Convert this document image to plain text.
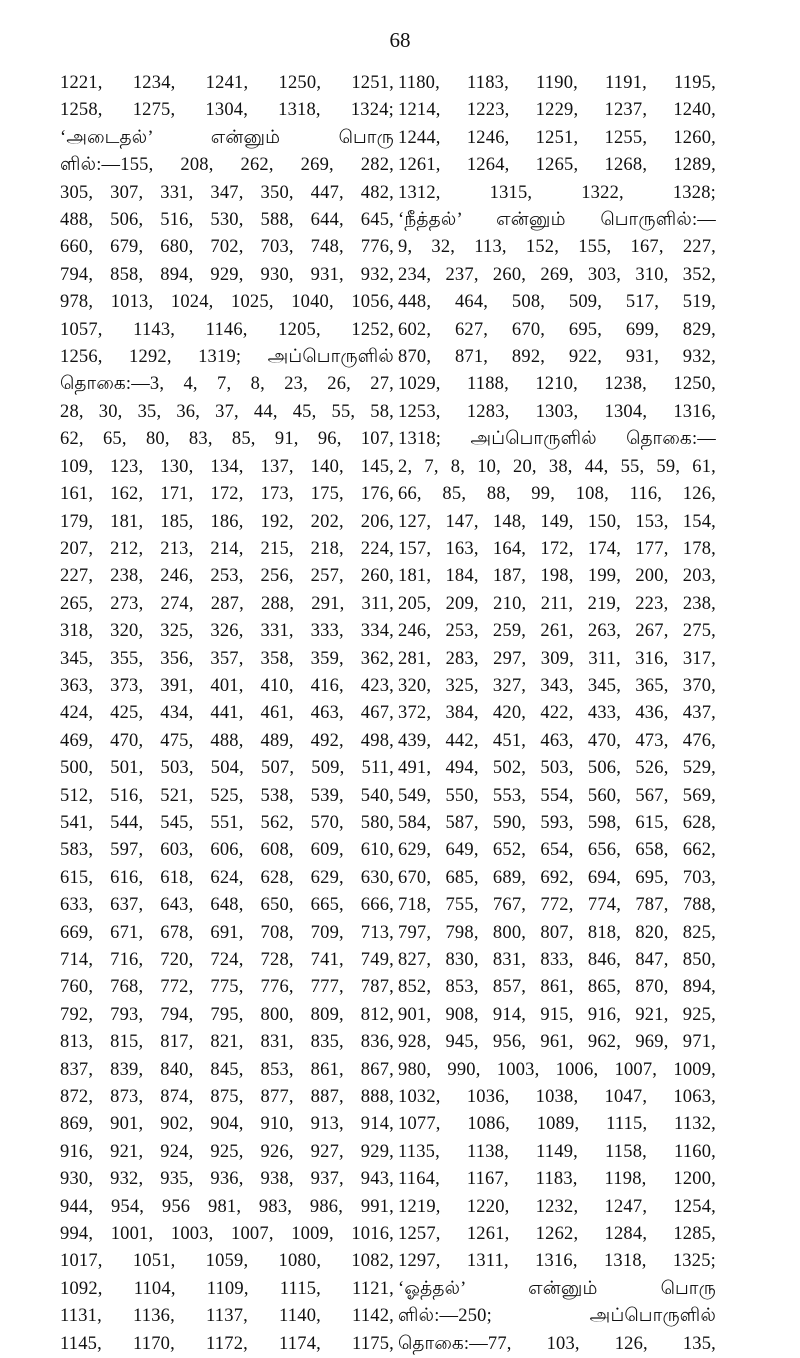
68
1221, 1234, 1241, 1250, 1251,
1258, 1275, 1304, 1318, 1324;
‘அடைதல்’ என்னும் பொரு
ளில்:—155, 208, 262, 269, 282,
305, 307, 331, 347, 350, 447, 482,
488, 506, 516, 530, 588, 644, 645,
660, 679, 680, 702, 703, 748, 776,
794, 858, 894, 929, 930, 931, 932,
978, 1013, 1024, 1025, 1040, 1056,
1057, 1143, 1146, 1205, 1252,
1256, 1292, 1319; அப்பொருளில்
தொகை:—3, 4, 7, 8, 23, 26, 27,
28, 30, 35, 36, 37, 44, 45, 55, 58,
62, 65, 80, 83, 85, 91, 96, 107,
109, 123, 130, 134, 137, 140, 145,
161, 162, 171, 172, 173, 175, 176,
179, 181, 185, 186, 192, 202, 206,
207, 212, 213, 214, 215, 218, 224,
227, 238, 246, 253, 256, 257, 260,
265, 273, 274, 287, 288, 291, 311,
318, 320, 325, 326, 331, 333, 334,
345, 355, 356, 357, 358, 359, 362,
363, 373, 391, 401, 410, 416, 423,
424, 425, 434, 441, 461, 463, 467,
469, 470, 475, 488, 489, 492, 498,
500, 501, 503, 504, 507, 509, 511,
512, 516, 521, 525, 538, 539, 540,
541, 544, 545, 551, 562, 570, 580,
583, 597, 603, 606, 608, 609, 610,
615, 616, 618, 624, 628, 629, 630,
633, 637, 643, 648, 650, 665, 666,
669, 671, 678, 691, 708, 709, 713,
714, 716, 720, 724, 728, 741, 749,
760, 768, 772, 775, 776, 777, 787,
792, 793, 794, 795, 800, 809, 812,
813, 815, 817, 821, 831, 835, 836,
837, 839, 840, 845, 853, 861, 867,
872, 873, 874, 875, 877, 887, 888,
869, 901, 902, 904, 910, 913, 914,
916, 921, 924, 925, 926, 927, 929,
930, 932, 935, 936, 938, 937, 943,
944, 954, 956 981, 983, 986, 991,
994, 1001, 1003, 1007, 1009, 1016,
1017, 1051, 1059, 1080, 1082,
1092, 1104, 1109, 1115, 1121,
1131, 1136, 1137, 1140, 1142,
1145, 1170, 1172, 1174, 1175,
1180, 1183, 1190, 1191, 1195,
1214, 1223, 1229, 1237, 1240,
1244, 1246, 1251, 1255, 1260,
1261, 1264, 1265, 1268, 1289,
1312, 1315, 1322, 1328;
‘நீத்தல்’ என்னும் பொருளில்:—
9, 32, 113, 152, 155, 167, 227,
234, 237, 260, 269, 303, 310, 352,
448, 464, 508, 509, 517, 519,
602, 627, 670, 695, 699, 829,
870, 871, 892, 922, 931, 932,
1029, 1188, 1210, 1238, 1250,
1253, 1283, 1303, 1304, 1316,
1318; அப்பொருளில் தொகை:—
2, 7, 8, 10, 20, 38, 44, 55, 59, 61,
66, 85, 88, 99, 108, 116, 126,
127, 147, 148, 149, 150, 153, 154,
157, 163, 164, 172, 174, 177, 178,
181, 184, 187, 198, 199, 200, 203,
205, 209, 210, 211, 219, 223, 238,
246, 253, 259, 261, 263, 267, 275,
281, 283, 297, 309, 311, 316, 317,
320, 325, 327, 343, 345, 365, 370,
372, 384, 420, 422, 433, 436, 437,
439, 442, 451, 463, 470, 473, 476,
491, 494, 502, 503, 506, 526, 529,
549, 550, 553, 554, 560, 567, 569,
584, 587, 590, 593, 598, 615, 628,
629, 649, 652, 654, 656, 658, 662,
670, 685, 689, 692, 694, 695, 703,
718, 755, 767, 772, 774, 787, 788,
797, 798, 800, 807, 818, 820, 825,
827, 830, 831, 833, 846, 847, 850,
852, 853, 857, 861, 865, 870, 894,
901, 908, 914, 915, 916, 921, 925,
928, 945, 956, 961, 962, 969, 971,
980, 990, 1003, 1006, 1007, 1009,
1032, 1036, 1038, 1047, 1063,
1077, 1086, 1089, 1115, 1132,
1135, 1138, 1149, 1158, 1160,
1164, 1167, 1183, 1198, 1200,
1219, 1220, 1232, 1247, 1254,
1257, 1261, 1262, 1284, 1285,
1297, 1311, 1316, 1318, 1325;
‘ஓத்தல்’ என்னும் பொரு
ளில்:—250; அப்பொருளில்
தொகை:—77, 103, 126, 135,
